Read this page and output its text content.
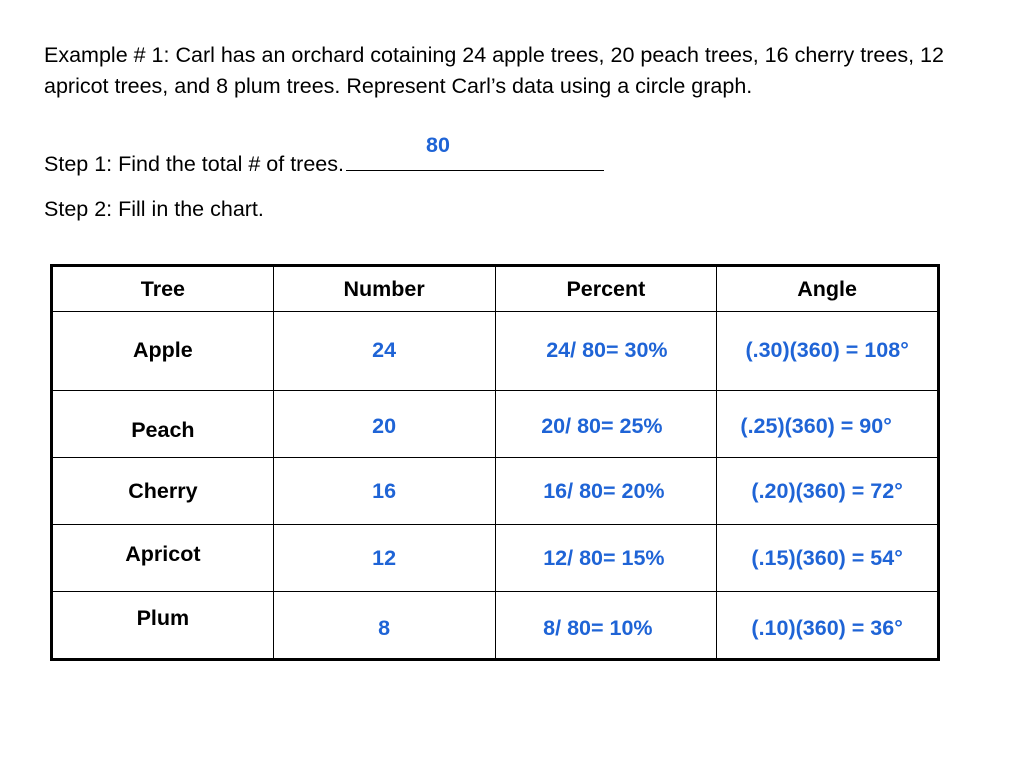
Example # 1: Carl has an orchard cotaining 24 apple trees, 20 peach trees, 16 cherry trees, 12 apricot trees, and 8 plum trees. Represent Carl’s data using a circle graph.

Step 1: Find the total # of trees.
80

Step 2: Fill in the chart.

Tree	Number	Percent	Angle

Apple	24	24/ 80= 30%	(.30)(360) = 108°

Peach	20	20/ 80= 25%	(.25)(360) = 90°

Cherry	16	16/ 80= 20%	(.20)(360) = 72°

Apricot	12	12/ 80= 15%	(.15)(360) = 54°

Plum	8	8/ 80= 10%	(.10)(360) = 36°
